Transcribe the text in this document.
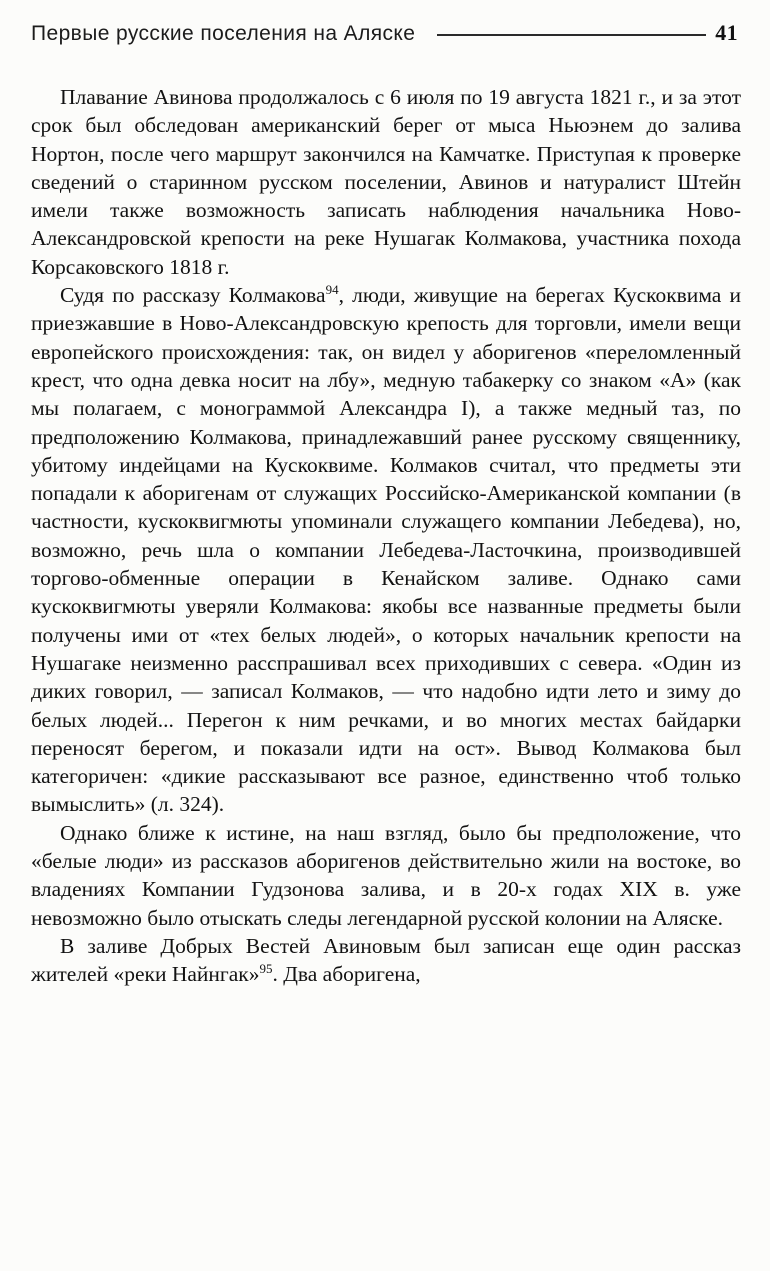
Первые русские поселения на Аляске	41

Плавание Авинова продолжалось с 6 июля по 19 августа 1821 г., и за этот срок был обследован американский берег от мыса Ньюэнем до залива Нортон, после чего маршрут закончился на Камчатке. Приступая к проверке сведений о старинном русском поселении, Авинов и натуралист Штейн имели также возможность записать наблюдения начальника Ново-Александровской крепости на реке Нушагак Колмакова, участника похода Корсаковского 1818 г.

Судя по рассказу Колмакова$^{94}$, люди, живущие на берегах Кускоквима и приезжавшие в Ново-Александровскую крепость для торговли, имели вещи европейского происхождения: так, он видел у аборигенов «переломленный крест, что одна девка носит на лбу», медную табакерку со знаком «А» (как мы полагаем, с монограммой Александра I), а также медный таз, по предположению Колмакова, принадлежавший ранее русскому священнику, убитому индейцами на Кускоквиме. Колмаков считал, что предметы эти попадали к аборигенам от служащих Российско-Американской компании (в частности, кускоквигмюты упоминали служащего компании Лебедева), но, возможно, речь шла о компании Лебедева-Ласточкина, производившей торгово-обменные операции в Кенайском заливе. Однако сами кускоквигмюты уверяли Колмакова: якобы все названные предметы были получены ими от «тех белых людей», о которых начальник крепости на Нушагаке неизменно расспрашивал всех приходивших с севера. «Один из диких говорил, — записал Колмаков, — что надобно идти лето и зиму до белых людей... Перегон к ним речками, и во многих местах байдарки переносят берегом, и показали идти на ост». Вывод Колмакова был категоричен: «дикие рассказывают все разное, единственно чтоб только вымыслить» (л. 324).

Однако ближе к истине, на наш взгляд, было бы предположение, что «белые люди» из рассказов аборигенов действительно жили на востоке, во владениях Компании Гудзонова залива, и в 20-х годах XIX в. уже невозможно было отыскать следы легендарной русской колонии на Аляске.

В заливе Добрых Вестей Авиновым был записан еще один рассказ жителей «реки Найнгак»$^{95}$. Два аборигена,
